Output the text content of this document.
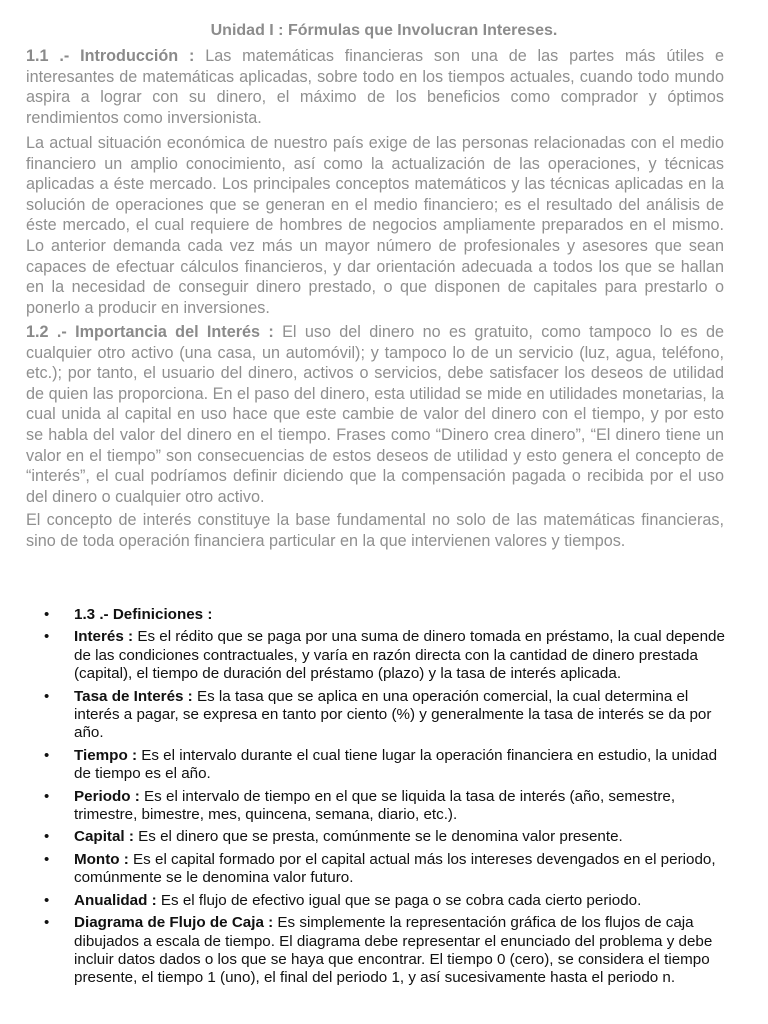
Unidad I : Fórmulas que Involucran Intereses.

1.1 .- Introducción : Las matemáticas financieras son una de las partes más útiles e interesantes de matemáticas aplicadas, sobre todo en los tiempos actuales, cuando todo mundo aspira a lograr con su dinero, el máximo de los beneficios como comprador y óptimos rendimientos como inversionista.

La actual situación económica de nuestro país exige de las personas relacionadas con el medio financiero un amplio conocimiento, así como la actualización de las operaciones, y técnicas aplicadas a éste mercado. Los principales conceptos matemáticos y las técnicas aplicadas en la solución de operaciones que se generan en el medio financiero; es el resultado del análisis de éste mercado, el cual requiere de hombres de negocios ampliamente preparados en el mismo. Lo anterior demanda cada vez más un mayor número de profesionales y asesores que sean capaces de efectuar cálculos financieros, y dar orientación adecuada a todos los que se hallan en la necesidad de conseguir dinero prestado, o que disponen de capitales para prestarlo o ponerlo a producir en inversiones.

1.2 .- Importancia del Interés : El uso del dinero no es gratuito, como tampoco lo es de cualquier otro activo (una casa, un automóvil); y tampoco lo de un servicio (luz, agua, teléfono, etc.); por tanto, el usuario del dinero, activos o servicios, debe satisfacer los deseos de utilidad de quien las proporciona. En el paso del dinero, esta utilidad se mide en utilidades monetarias, la cual unida al capital en uso hace que este cambie de valor del dinero con el tiempo, y por esto se habla del valor del dinero en el tiempo. Frases como “Dinero crea dinero”, “El dinero tiene un valor en el tiempo” son consecuencias de estos deseos de utilidad y esto genera el concepto de “interés”, el cual podríamos definir diciendo que la compensación pagada o recibida por el uso del dinero o cualquier otro activo.

El concepto de interés constituye la base fundamental no solo de las matemáticas financieras, sino de toda operación financiera particular en la que intervienen valores y tiempos.

• 1.3 .- Definiciones :
• Interés : Es el rédito que se paga por una suma de dinero tomada en préstamo, la cual depende de las condiciones contractuales, y varía en razón directa con la cantidad de dinero prestada (capital), el tiempo de duración del préstamo (plazo) y la tasa de interés aplicada.
• Tasa de Interés : Es la tasa que se aplica en una operación comercial, la cual determina el interés a pagar, se expresa en tanto por ciento (%) y generalmente la tasa de interés se da por año.
• Tiempo : Es el intervalo durante el cual tiene lugar la operación financiera en estudio, la unidad de tiempo es el año.
• Periodo : Es el intervalo de tiempo en el que se liquida la tasa de interés (año, semestre, trimestre, bimestre, mes, quincena, semana, diario, etc.).
• Capital : Es el dinero que se presta, comúnmente se le denomina valor presente.
• Monto : Es el capital formado por el capital actual más los intereses devengados en el periodo, comúnmente se le denomina valor futuro.
• Anualidad : Es el flujo de efectivo igual que se paga o se cobra cada cierto periodo.
• Diagrama de Flujo de Caja : Es simplemente la representación gráfica de los flujos de caja dibujados a escala de tiempo. El diagrama debe representar el enunciado del problema y debe incluir datos dados o los que se haya que encontrar. El tiempo 0 (cero), se considera el tiempo presente, el tiempo 1 (uno), el final del periodo 1, y así sucesivamente hasta el periodo n.
